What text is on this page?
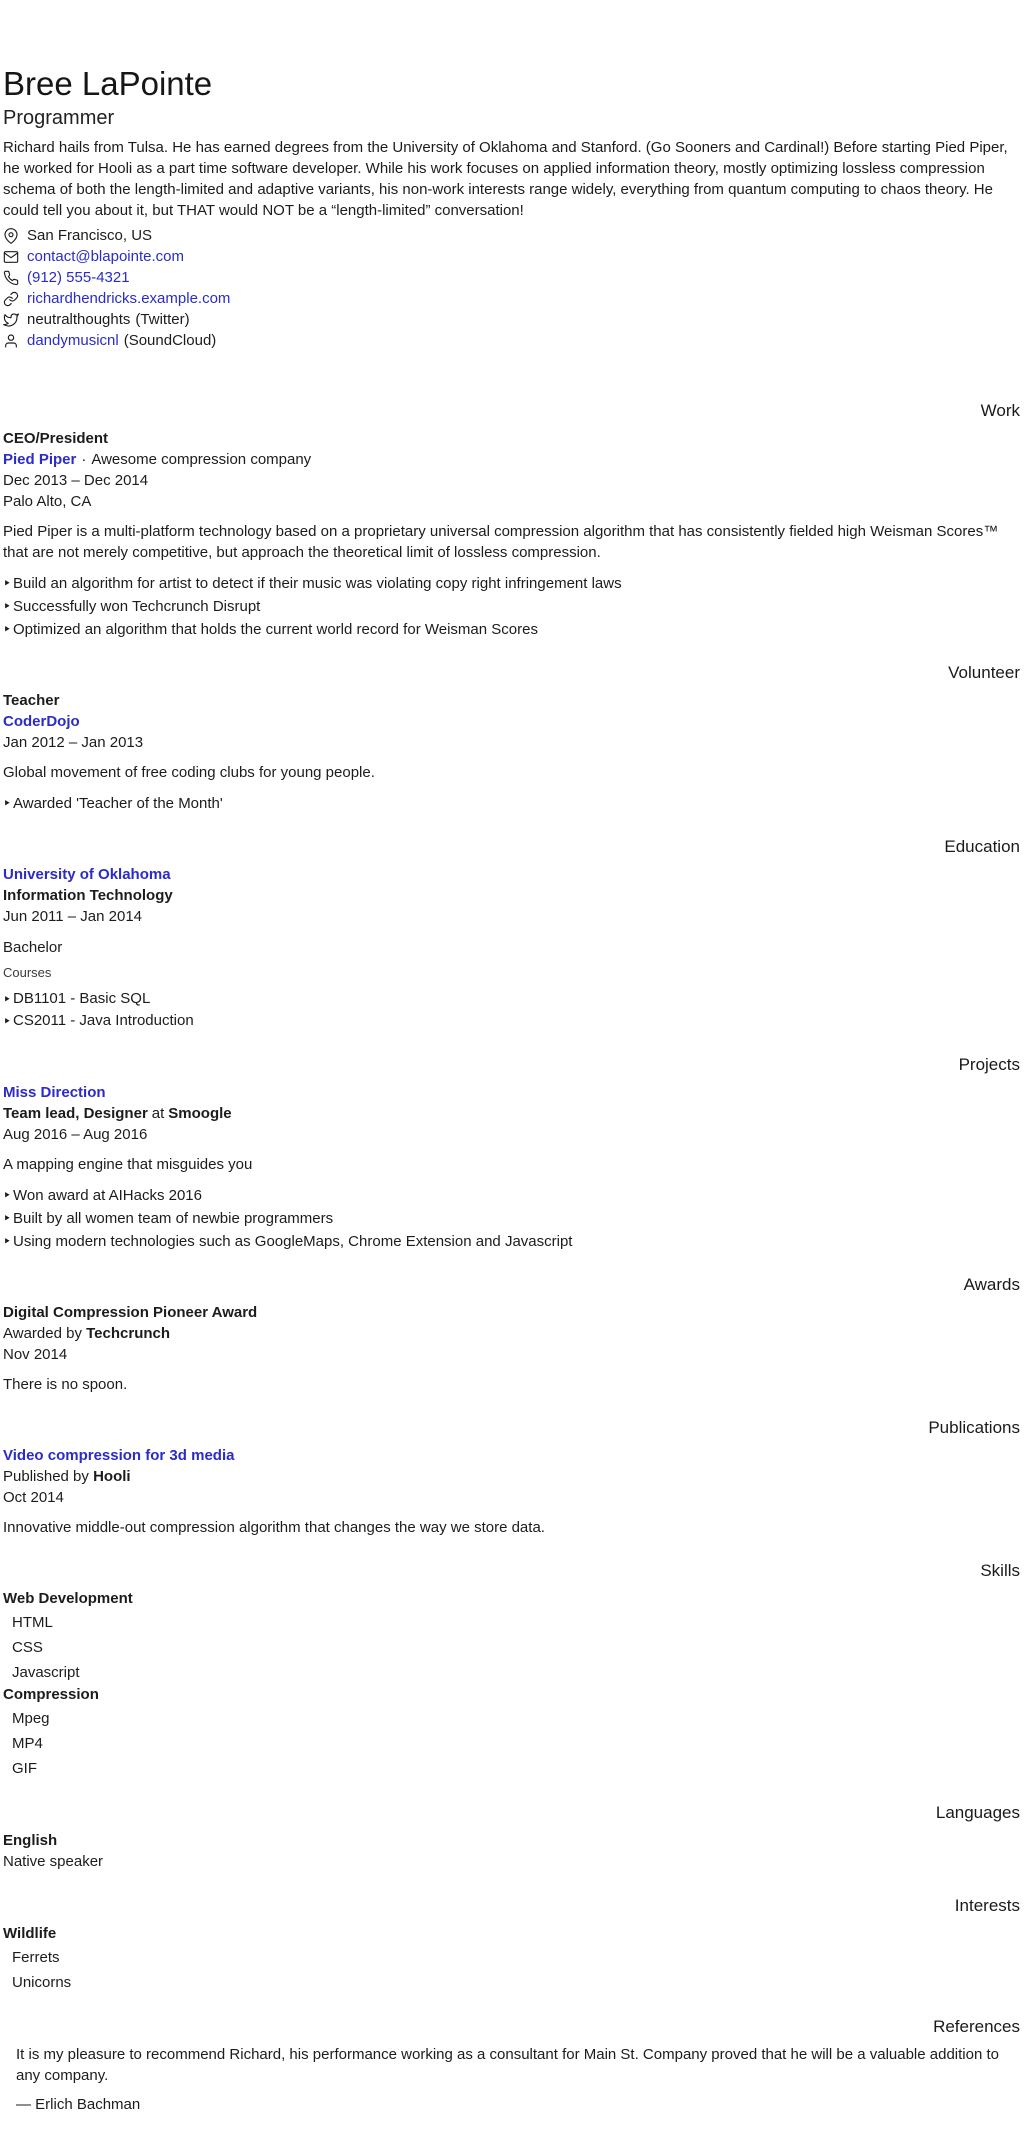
Bree LaPointe
Programmer

Richard hails from Tulsa. He has earned degrees from the University of Oklahoma and Stanford. (Go Sooners and Cardinal!) Before starting Pied Piper, he worked for Hooli as a part time software developer. While his work focuses on applied information theory, mostly optimizing lossless compression schema of both the length-limited and adaptive variants, his non-work interests range widely, everything from quantum computing to chaos theory. He could tell you about it, but THAT would NOT be a “length-limited” conversation!

San Francisco, US
contact@blapointe.com
(912) 555-4321
richardhendricks.example.com
neutralthoughts (Twitter)
dandymusicnl (SoundCloud)
Work
CEO/President
Pied Piper · Awesome compression company
Dec 2013 – Dec 2014
Palo Alto, CA

Pied Piper is a multi-platform technology based on a proprietary universal compression algorithm that has consistently fielded high Weisman Scores™ that are not merely competitive, but approach the theoretical limit of lossless compression.

‣ Build an algorithm for artist to detect if their music was violating copy right infringement laws
‣ Successfully won Techcrunch Disrupt
‣ Optimized an algorithm that holds the current world record for Weisman Scores
Volunteer
Teacher
CoderDojo
Jan 2012 – Jan 2013

Global movement of free coding clubs for young people.

‣ Awarded 'Teacher of the Month'
Education
University of Oklahoma
Information Technology
Jun 2011 – Jan 2014
Bachelor
Courses
‣ DB1101 - Basic SQL
‣ CS2011 - Java Introduction
Projects
Miss Direction
Team lead, Designer at Smoogle
Aug 2016 – Aug 2016

A mapping engine that misguides you

‣ Won award at AIHacks 2016
‣ Built by all women team of newbie programmers
‣ Using modern technologies such as GoogleMaps, Chrome Extension and Javascript
Awards
Digital Compression Pioneer Award
Awarded by Techcrunch
Nov 2014

There is no spoon.

Publications
Video compression for 3d media
Published by Hooli
Oct 2014

Innovative middle-out compression algorithm that changes the way we store data.

Skills
Web Development
HTML
CSS
Javascript
Compression
Mpeg
MP4
GIF
Languages
English
Native speaker
Interests
Wildlife
Ferrets
Unicorns
References

It is my pleasure to recommend Richard, his performance working as a consultant for Main St. Company proved that he will be a valuable addition to any company.

— Erlich Bachman
